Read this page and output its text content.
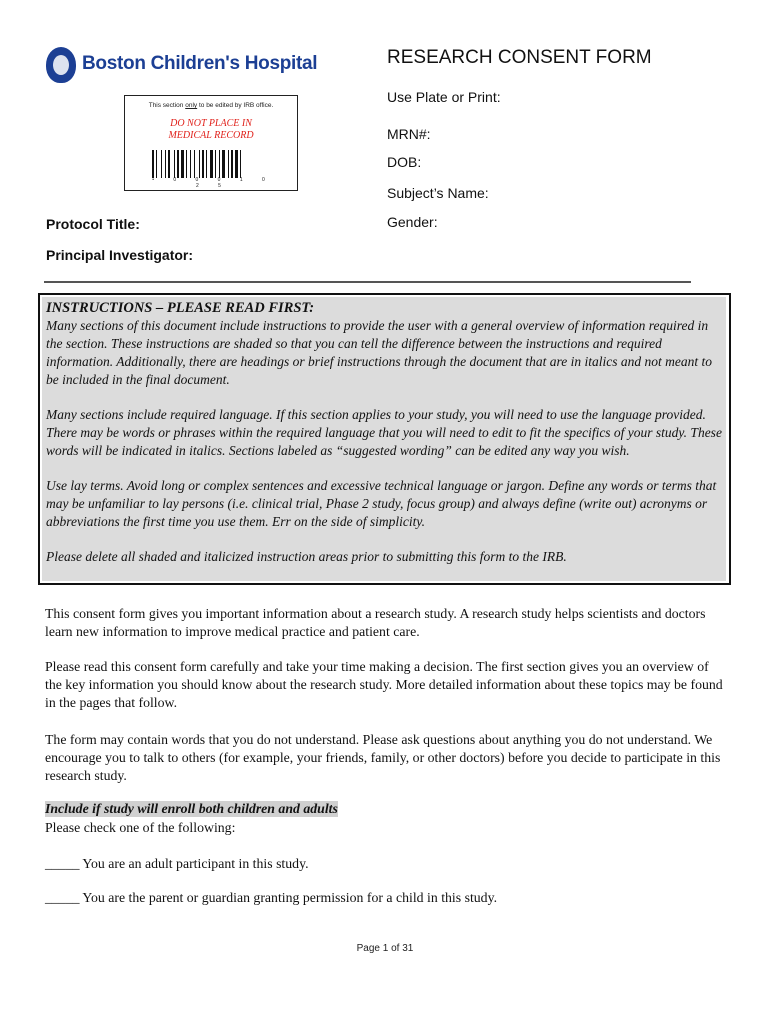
Boston Children's Hospital
This section only to be edited by IRB office.
DO NOT PLACE IN
MEDICAL RECORD
• 0 0 0 1 0 2 5
RESEARCH CONSENT FORM
Use Plate or Print:
MRN#:
DOB:
Subject’s Name:
Gender:
Protocol Title:
Principal Investigator:

INSTRUCTIONS – PLEASE READ FIRST:
Many sections of this document include instructions to provide the user with a general overview of information required in the section. These instructions are shaded so that you can tell the difference between the instructions and required information. Additionally, there are headings or brief instructions through the document that are in italics and not meant to be included in the final document.

Many sections include required language. If this section applies to your study, you will need to use the language provided. There may be words or phrases within the required language that you will need to edit to fit the specifics of your study. These words will be indicated in italics. Sections labeled as “suggested wording” can be edited any way you wish.

Use lay terms. Avoid long or complex sentences and excessive technical language or jargon. Define any words or terms that may be unfamiliar to lay persons (i.e. clinical trial, Phase 2 study, focus group) and always define (write out) acronyms or abbreviations the first time you use them. Err on the side of simplicity.

Please delete all shaded and italicized instruction areas prior to submitting this form to the IRB.

This consent form gives you important information about a research study. A research study helps scientists and doctors learn new information to improve medical practice and patient care.

Please read this consent form carefully and take your time making a decision. The first section gives you an overview of the key information you should know about the research study. More detailed information about these topics may be found in the pages that follow.

The form may contain words that you do not understand. Please ask questions about anything you do not understand. We encourage you to talk to others (for example, your friends, family, or other doctors) before you decide to participate in this research study.

Include if study will enroll both children and adults
Please check one of the following:
_____ You are an adult participant in this study.
_____ You are the parent or guardian granting permission for a child in this study.
Page 1 of 31
